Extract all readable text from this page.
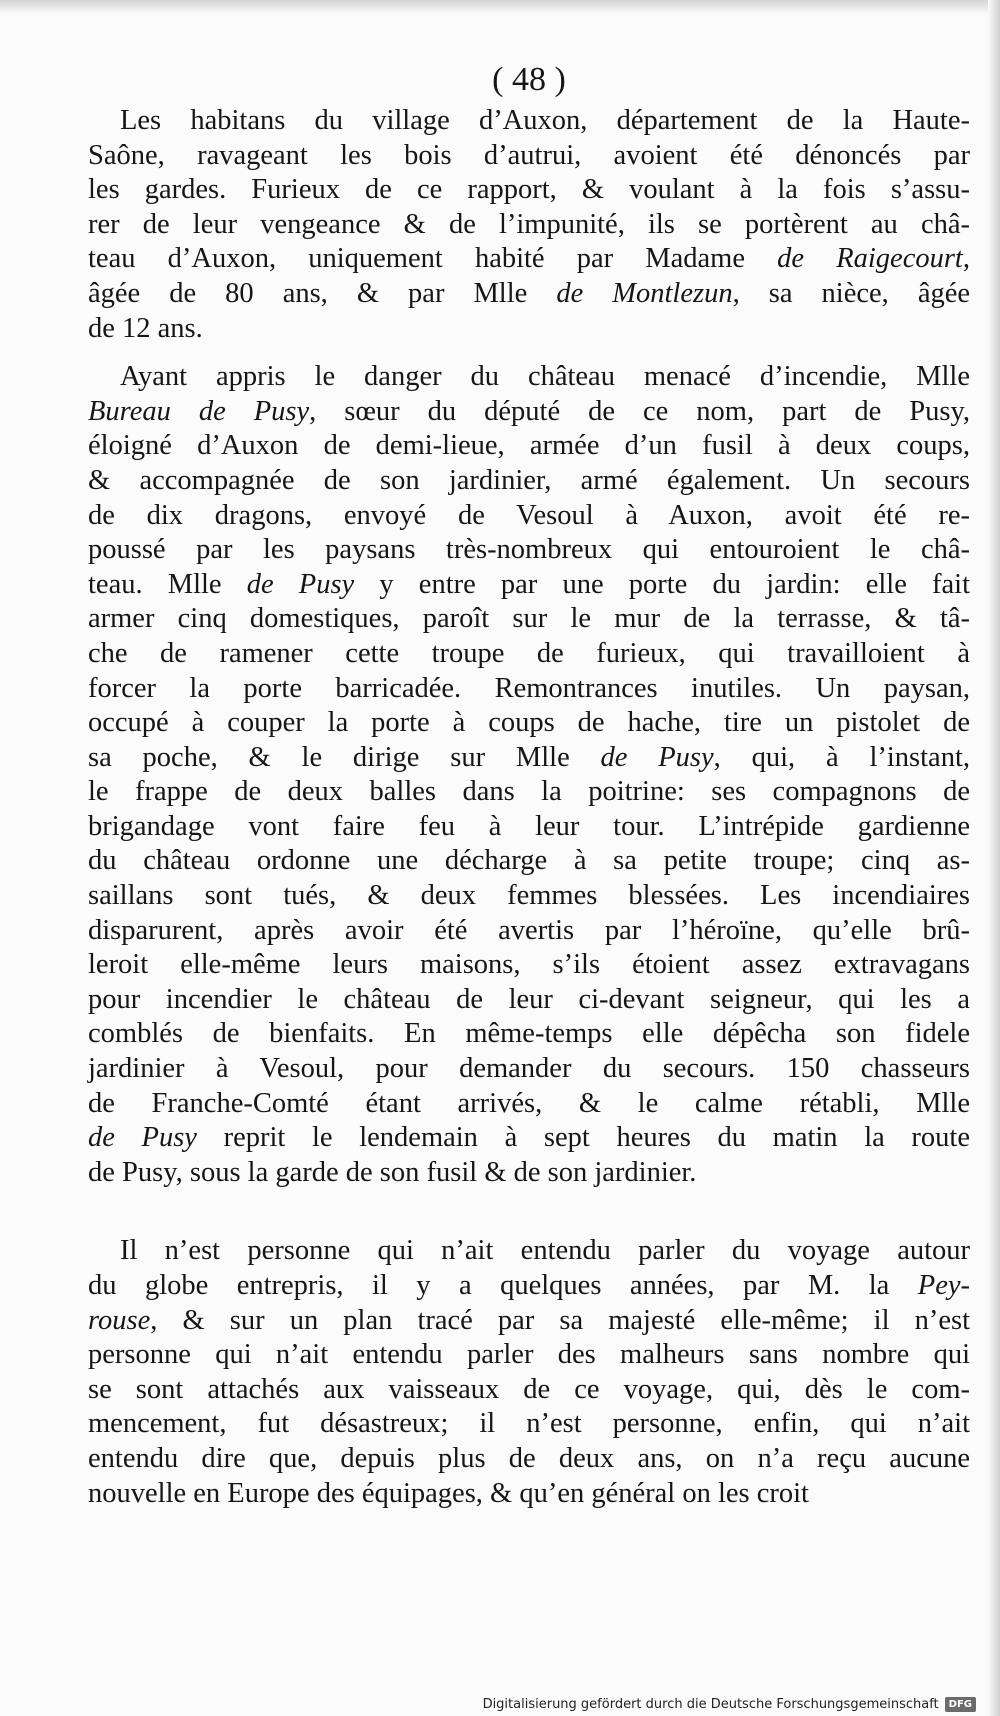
( 48 )
Les habitans du village d’Auxon, département de la Haute-
Saône, ravageant les bois d’autrui, avoient été dénoncés par
les gardes. Furieux de ce rapport, & voulant à la fois s’assu-
rer de leur vengeance & de l’impunité, ils se portèrent au châ-
teau d’Auxon, uniquement habité par Madame de Raigecourt,
âgée de 80 ans, & par Mlle de Montlezun, sa nièce, âgée
de 12 ans.
Ayant appris le danger du château menacé d’incendie, Mlle
Bureau de Pusy, sœur du député de ce nom, part de Pusy,
éloigné d’Auxon de demi-lieue, armée d’un fusil à deux coups,
& accompagnée de son jardinier, armé également. Un secours
de dix dragons, envoyé de Vesoul à Auxon, avoit été re-
poussé par les paysans très-nombreux qui entouroient le châ-
teau. Mlle de Pusy y entre par une porte du jardin: elle fait
armer cinq domestiques, paroît sur le mur de la terrasse, & tâ-
che de ramener cette troupe de furieux, qui travailloient à
forcer la porte barricadée. Remontrances inutiles. Un paysan,
occupé à couper la porte à coups de hache, tire un pistolet de
sa poche, & le dirige sur Mlle de Pusy, qui, à l’instant,
le frappe de deux balles dans la poitrine: ses compagnons de
brigandage vont faire feu à leur tour. L’intrépide gardienne
du château ordonne une décharge à sa petite troupe; cinq as-
saillans sont tués, & deux femmes blessées. Les incendiaires
disparurent, après avoir été avertis par l’héroïne, qu’elle brû-
leroit elle-même leurs maisons, s’ils étoient assez extravagans
pour incendier le château de leur ci-devant seigneur, qui les a
comblés de bienfaits. En même-temps elle dépêcha son fidele
jardinier à Vesoul, pour demander du secours. 150 chasseurs
de Franche-Comté étant arrivés, & le calme rétabli, Mlle
de Pusy reprit le lendemain à sept heures du matin la route
de Pusy, sous la garde de son fusil & de son jardinier.
Il n’est personne qui n’ait entendu parler du voyage autour
du globe entrepris, il y a quelques années, par M. la Pey-
rouse, & sur un plan tracé par sa majesté elle-même; il n’est
personne qui n’ait entendu parler des malheurs sans nombre qui
se sont attachés aux vaisseaux de ce voyage, qui, dès le com-
mencement, fut désastreux; il n’est personne, enfin, qui n’ait
entendu dire que, depuis plus de deux ans, on n’a reçu aucune
nouvelle en Europe des équipages, & qu’en général on les croit
Digitalisierung gefördert durch die Deutsche Forschungsgemeinschaft	DFG
